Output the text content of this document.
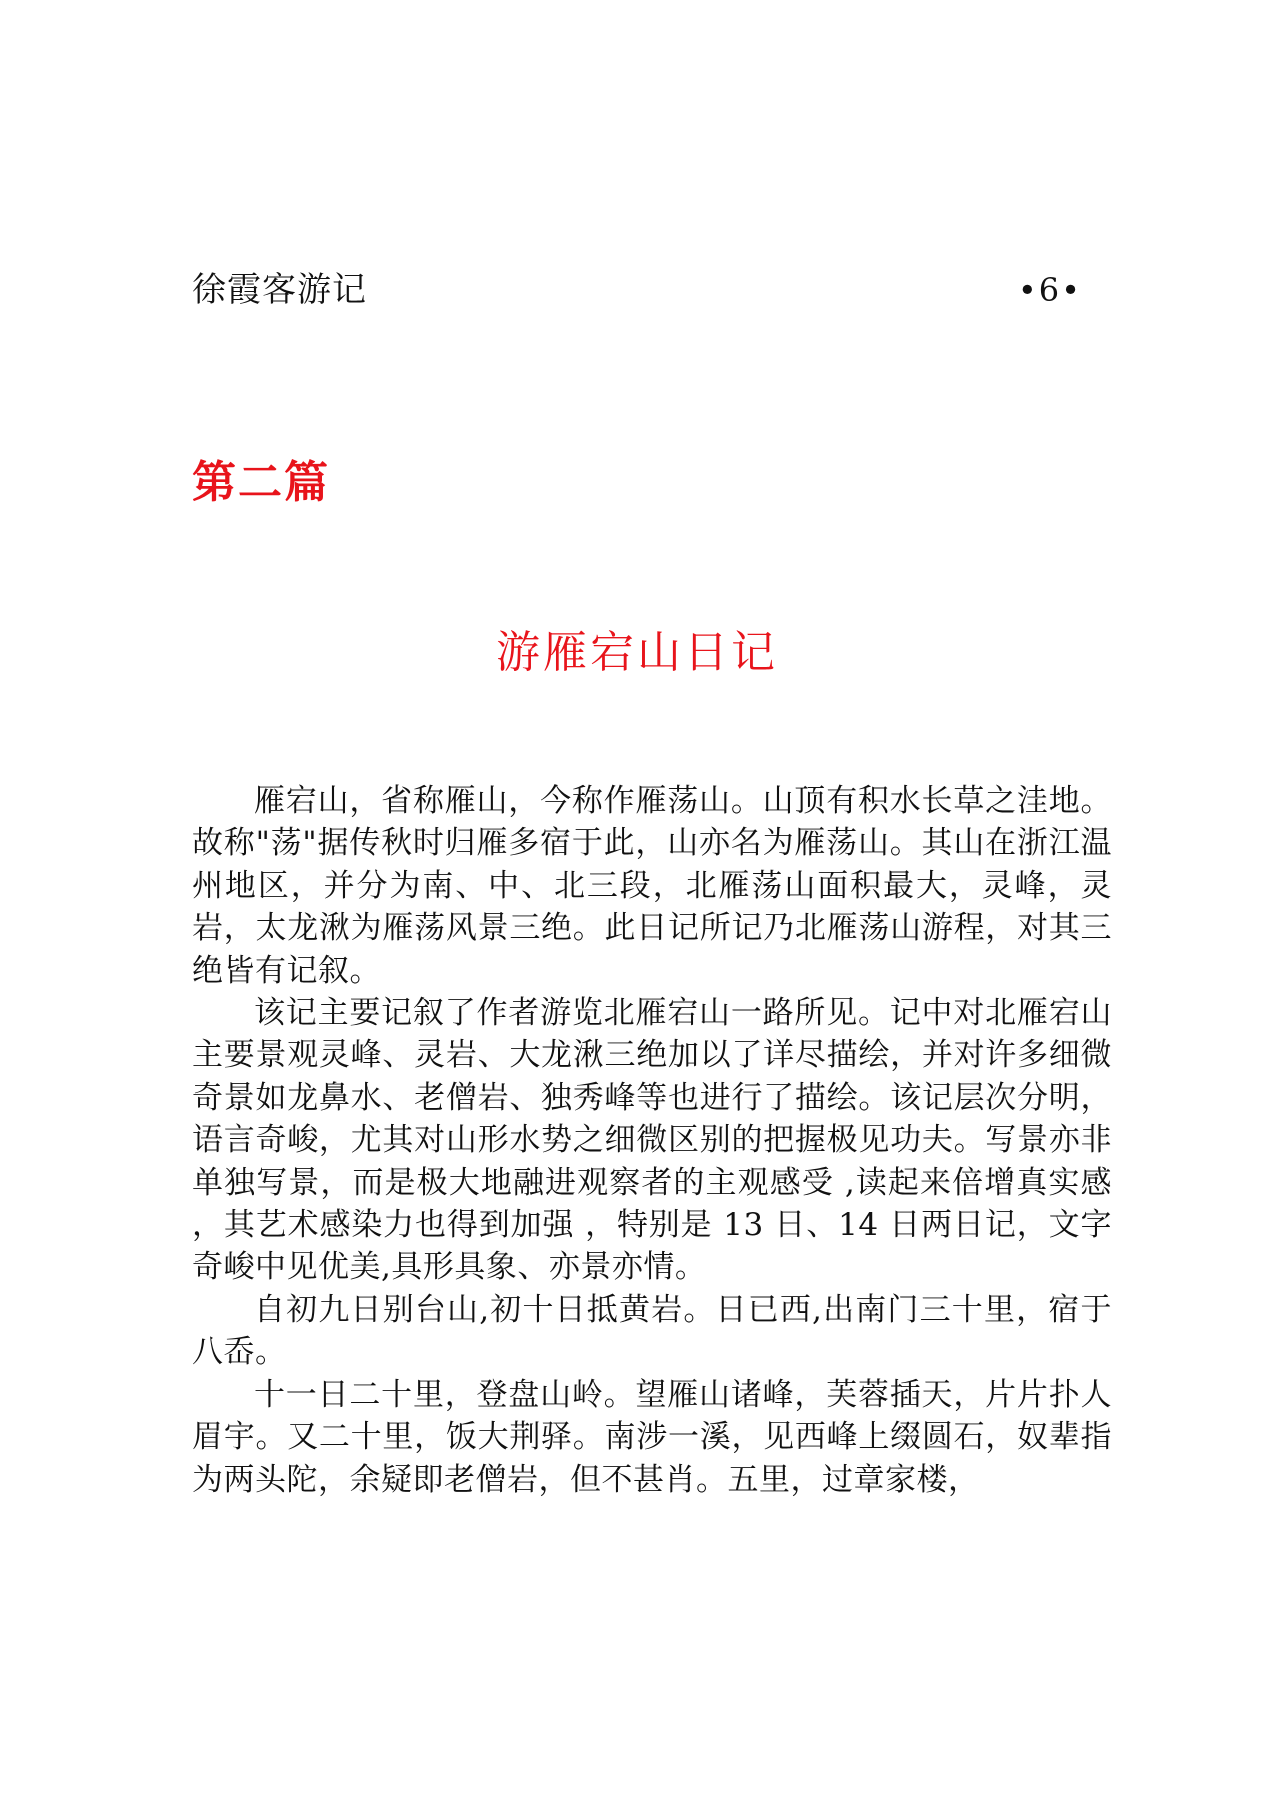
徐霞客游记	•6•
第二篇
游雁宕山日记

雁宕山，省称雁山，今称作雁荡山。山顶有积水长草之洼地。故称"荡"据传秋时归雁多宿于此，山亦名为雁荡山。其山在浙江温州地区，并分为南、中、北三段，北雁荡山面积最大，灵峰，灵岩，太龙湫为雁荡风景三绝。此日记所记乃北雁荡山游程，对其三绝皆有记叙。

该记主要记叙了作者游览北雁宕山一路所见。记中对北雁宕山主要景观灵峰、灵岩、大龙湫三绝加以了详尽描绘，并对许多细微奇景如龙鼻水、老僧岩、独秀峰等也进行了描绘。该记层次分明，语言奇峻，尤其对山形水势之细微区别的把握极见功夫。写景亦非单独写景，而是极大地融进观察者的主观感受 ,读起来倍增真实感 ，其艺术感染力也得到加强 ，特别是 13 日、14 日两日记，文字奇峻中见优美,具形具象、亦景亦情。

自初九日别台山,初十日抵黄岩。日已西,出南门三十里，宿于八岙。

十一日二十里，登盘山岭。望雁山诸峰，芙蓉插天，片片扑人眉宇。又二十里，饭大荆驿。南涉一溪，见西峰上缀圆石，奴辈指为两头陀，余疑即老僧岩，但不甚肖。五里，过章家楼，
